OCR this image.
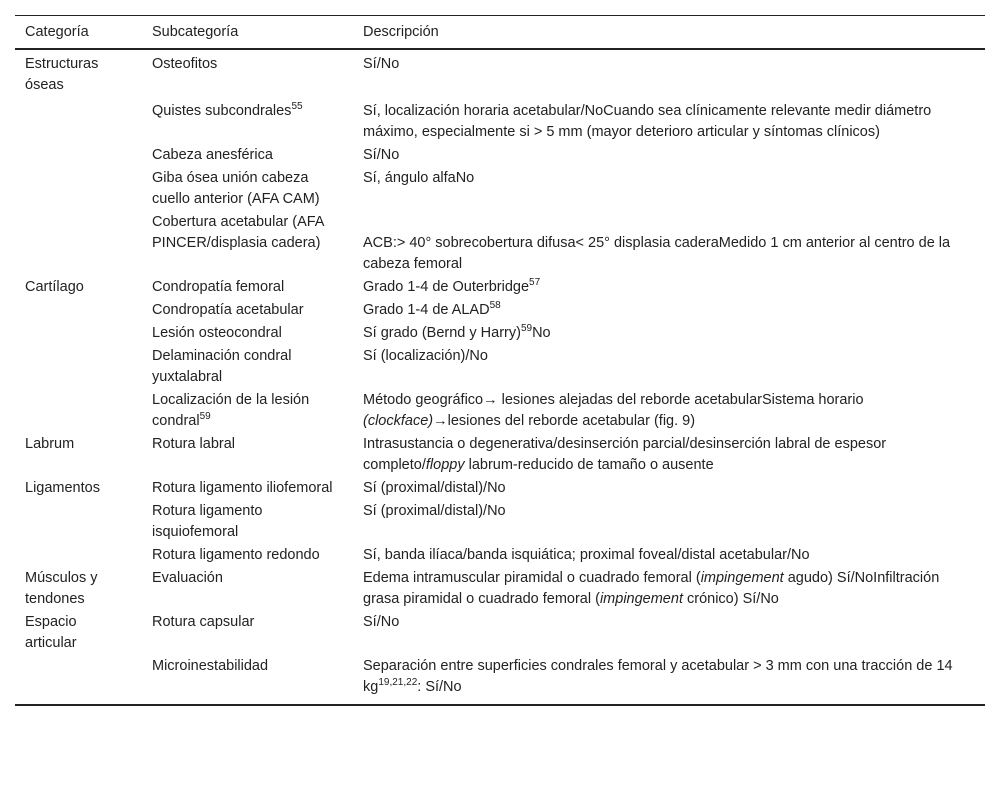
Categoría	Subcategoría	Descripción
Estructuras óseas	Osteofitos	Sí/No
	Quistes subcondrales$^{55}$	Sí, localización horaria acetabular/NoCuando sea clínicamente relevante medir diámetro máximo, especialmente si > 5 mm (mayor deterioro articular y síntomas clínicos)
	Cabeza anesférica	Sí/No
	Giba ósea unión cabeza cuello anterior (AFA CAM)	Sí, ángulo alfaNo
	Cobertura acetabular (AFA PINCER/displasia cadera)	ACB:> 40° sobrecobertura difusa< 25° displasia caderaMedido 1 cm anterior al centro de la cabeza femoral
Cartílago	Condropatía femoral	Grado 1-4 de Outerbridge$^{57}$
	Condropatía acetabular	Grado 1-4 de ALAD$^{58}$
	Lesión osteocondral	Sí grado (Bernd y Harry)$^{59}$No
	Delaminación condral yuxtalabral	Sí (localización)/No
	Localización de la lesión condral$^{59}$	Método geográfico→ lesiones alejadas del reborde acetabularSistema horario (clockface)→lesiones del reborde acetabular (fig. 9)
Labrum	Rotura labral	Intrasustancia o degenerativa/desinserción parcial/desinserción labral de espesor completo/floppy labrum-reducido de tamaño o ausente
Ligamentos	Rotura ligamento iliofemoral	Sí (proximal/distal)/No
	Rotura ligamento isquiofemoral	Sí (proximal/distal)/No
	Rotura ligamento redondo	Sí, banda ilíaca/banda isquiática; proximal foveal/distal acetabular/No
Músculos y tendones	Evaluación	Edema intramuscular piramidal o cuadrado femoral (impingement agudo) Sí/NoInfiltración grasa piramidal o cuadrado femoral (impingement crónico) Sí/No
Espacio articular	Rotura capsular	Sí/No
	Microinestabilidad	Separación entre superficies condrales femoral y acetabular > 3 mm con una tracción de 14 kg$^{19,21,22}$: Sí/No
